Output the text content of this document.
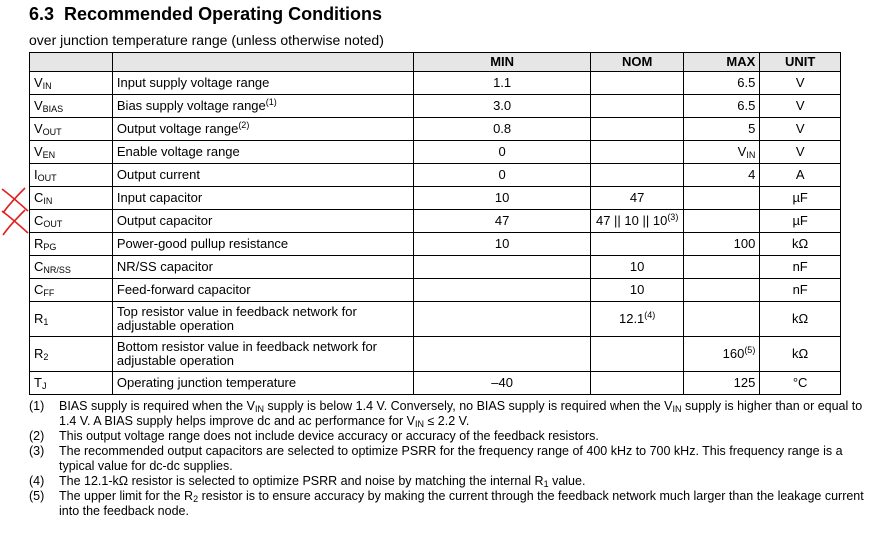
6.3 Recommended Operating Conditions
over junction temperature range (unless otherwise noted)
		MIN	NOM	MAX	UNIT
$V_{IN}$	Input supply voltage range	1.1		6.5	V
$V_{BIAS}$	Bias supply voltage range$^{(1)}$	3.0		6.5	V
$V_{OUT}$	Output voltage range$^{(2)}$	0.8		5	V
$V_{EN}$	Enable voltage range	0		$V_{IN}$	V
$I_{OUT}$	Output current	0		4	A
$C_{IN}$	Input capacitor	10	47		µF
$C_{OUT}$	Output capacitor	47	47 || 10 || 10$^{(3)}$		µF
$R_{PG}$	Power-good pullup resistance	10		100	kΩ
$C_{NR/SS}$	NR/SS capacitor		10		nF
$C_{FF}$	Feed-forward capacitor		10		nF
$R_1$	Top resistor value in feedback network for adjustable operation		12.1$^{(4)}$		kΩ
$R_2$	Bottom resistor value in feedback network for adjustable operation			160$^{(5)}$	kΩ
$T_J$	Operating junction temperature	–40		125	°C
(1)	BIAS supply is required when the $V_{IN}$ supply is below 1.4 V. Conversely, no BIAS supply is required when the $V_{IN}$ supply is higher than or equal to 1.4 V. A BIAS supply helps improve dc and ac performance for $V_{IN} \le 2.2$ V.
(2)	This output voltage range does not include device accuracy or accuracy of the feedback resistors.
(3)	The recommended output capacitors are selected to optimize PSRR for the frequency range of 400 kHz to 700 kHz. This frequency range is a typical value for dc-dc supplies.
(4)	The 12.1-kΩ resistor is selected to optimize PSRR and noise by matching the internal $R_1$ value.
(5)	The upper limit for the $R_2$ resistor is to ensure accuracy by making the current through the feedback network much larger than the leakage current into the feedback node.
